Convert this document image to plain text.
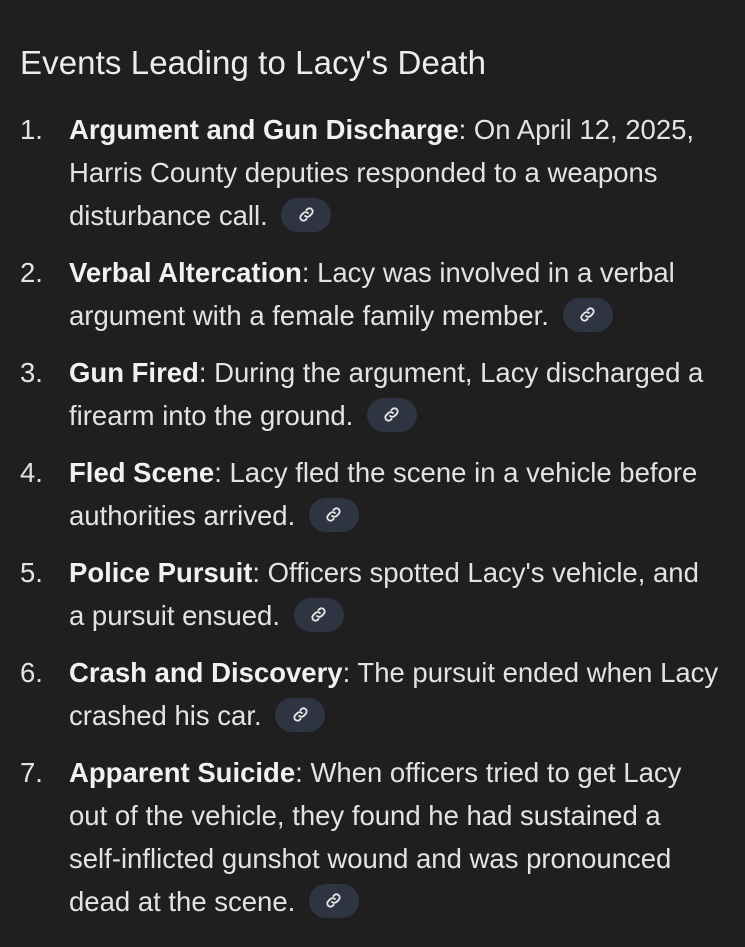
Events Leading to Lacy's Death
1. Argument and Gun Discharge: On April 12, 2025, Harris County deputies responded to a weapons disturbance call.
2. Verbal Altercation: Lacy was involved in a verbal argument with a female family member.
3. Gun Fired: During the argument, Lacy discharged a firearm into the ground.
4. Fled Scene: Lacy fled the scene in a vehicle before authorities arrived.
5. Police Pursuit: Officers spotted Lacy's vehicle, and a pursuit ensued.
6. Crash and Discovery: The pursuit ended when Lacy crashed his car.
7. Apparent Suicide: When officers tried to get Lacy out of the vehicle, they found he had sustained a self-inflicted gunshot wound and was pronounced dead at the scene.
